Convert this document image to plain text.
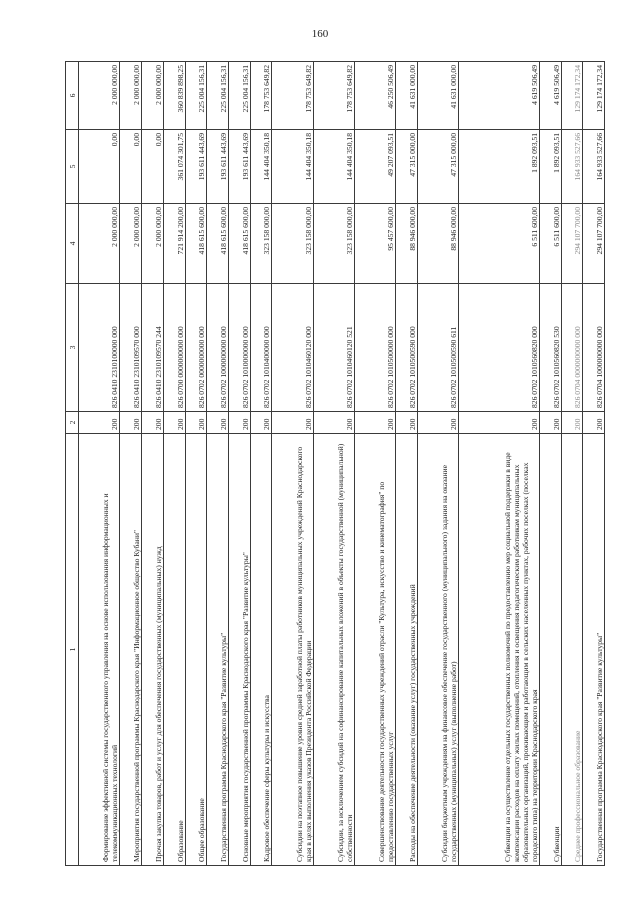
160
1	2	3	4	5	6
Формирование эффективной системы государственного управления на основе использования информационных и телекоммуникационных технологий	200	826 0410 2310100000 000	2 000 000,00	0,00	2 000 000,00
Мероприятия государственной программы Краснодарского края "Информационное общество Кубани"	200	826 0410 2310109570 000	2 000 000,00	0,00	2 000 000,00
Прочая закупка товаров, работ и услуг для обеспечения государственных (муниципальных) нужд	200	826 0410 2310109570 244	2 000 000,00	0,00	2 000 000,00
Образование	200	826 0700 0000000000 000	721 914 200,00	361 074 301,75	360 839 898,25
Общее образование	200	826 0702 0000000000 000	418 615 600,00	193 611 443,69	225 004 156,31
Государственная программа Краснодарского края "Развитие культуры"	200	826 0702 1000000000 000	418 615 600,00	193 611 443,69	225 004 156,31
Основные мероприятия государственной программы Краснодарского края "Развитие культуры"	200	826 0702 1010000000 000	418 615 600,00	193 611 443,69	225 004 156,31
Кадровое обеспечение сферы культуры и искусства	200	826 0702 1010400000 000	323 158 000,00	144 404 350,18	178 753 649,82
Субсидии на поэтапное повышение уровня средней заработной платы работников муниципальных учреждений Краснодарского края в целях выполнения указов Президента Российской Федерации	200	826 0702 1010460120 000	323 158 000,00	144 404 350,18	178 753 649,82
Субсидии, за исключением субсидий на софинансирование капитальных вложений в объекты государственной (муниципальной) собственности	200	826 0702 1010460120 521	323 158 000,00	144 404 350,18	178 753 649,82
Совершенствование деятельности государственных учреждений отрасли "Культура, искусство и кинематография" по предоставлению государственных услуг	200	826 0702 1010500000 000	95 457 600,00	49 207 093,51	46 250 506,49
Расходы на обеспечение деятельности (оказание услуг) государственных учреждений	200	826 0702 1010500590 000	88 946 000,00	47 315 000,00	41 631 000,00
Субсидии бюджетным учреждениям на финансовое обеспечение государственного (муниципального) задания на оказание государственных (муниципальных) услуг (выполнение работ)	200	826 0702 1010500590 611	88 946 000,00	47 315 000,00	41 631 000,00
Субвенции на осуществление отдельных государственных полномочий по предоставлению мер социальной поддержки в виде компенсации расходов на оплату жилых помещений, отопления и освещения педагогическим работникам муниципальных образовательных организаций, проживающим и работающим в сельских населенных пунктах, рабочих поселках (поселках городского типа) на территории Краснодарского края	200	826 0702 1010560820 000	6 511 600,00	1 892 093,51	4 619 506,49
Субвенции	200	826 0702 1010560820 530	6 511 600,00	1 892 093,51	4 619 506,49
Среднее профессиональное образование	200	826 0704 0000000000 000	294 107 700,00	164 933 527,66	129 174 172,34
Государственная программа Краснодарского края "Развитие культуры"	200	826 0704 1000000000 000	294 107 700,00	164 933 527,66	129 174 172,34
